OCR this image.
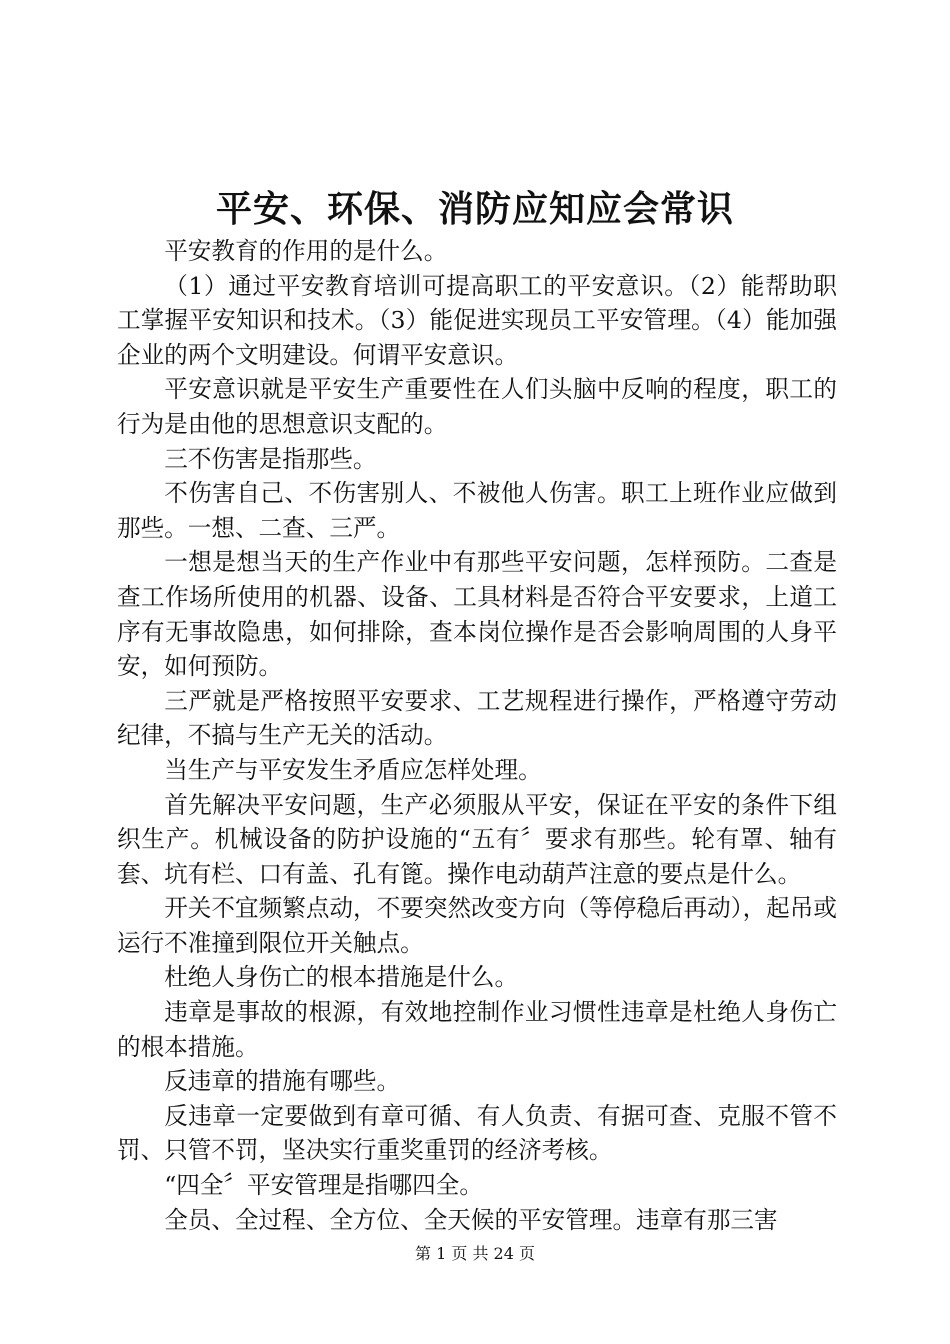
平安、环保、消防应知应会常识

平安教育的作用的是什么。

（1）通过平安教育培训可提高职工的平安意识。（2）能帮助职工掌握平安知识和技术。（3）能促进实现员工平安管理。（4）能加强企业的两个文明建设。何谓平安意识。

平安意识就是平安生产重要性在人们头脑中反响的程度，职工的行为是由他的思想意识支配的。

三不伤害是指那些。

不伤害自己、不伤害别人、不被他人伤害。职工上班作业应做到那些。一想、二查、三严。

一想是想当天的生产作业中有那些平安问题，怎样预防。二查是查工作场所使用的机器、设备、工具材料是否符合平安要求，上道工序有无事故隐患，如何排除，查本岗位操作是否会影响周围的人身平安，如何预防。

三严就是严格按照平安要求、工艺规程进行操作，严格遵守劳动纪律，不搞与生产无关的活动。

当生产与平安发生矛盾应怎样处理。

首先解决平安问题，生产必须服从平安，保证在平安的条件下组织生产。机械设备的防护设施的“五有〞要求有那些。轮有罩、轴有套、坑有栏、口有盖、孔有篦。操作电动葫芦注意的要点是什么。

开关不宜频繁点动，不要突然改变方向（等停稳后再动），起吊或运行不准撞到限位开关触点。

杜绝人身伤亡的根本措施是什么。

违章是事故的根源，有效地控制作业习惯性违章是杜绝人身伤亡的根本措施。

反违章的措施有哪些。

反违章一定要做到有章可循、有人负责、有据可查、克服不管不罚、只管不罚，坚决实行重奖重罚的经济考核。

“四全〞平安管理是指哪四全。

全员、全过程、全方位、全天候的平安管理。违章有那三害

第 1 页 共 24 页
